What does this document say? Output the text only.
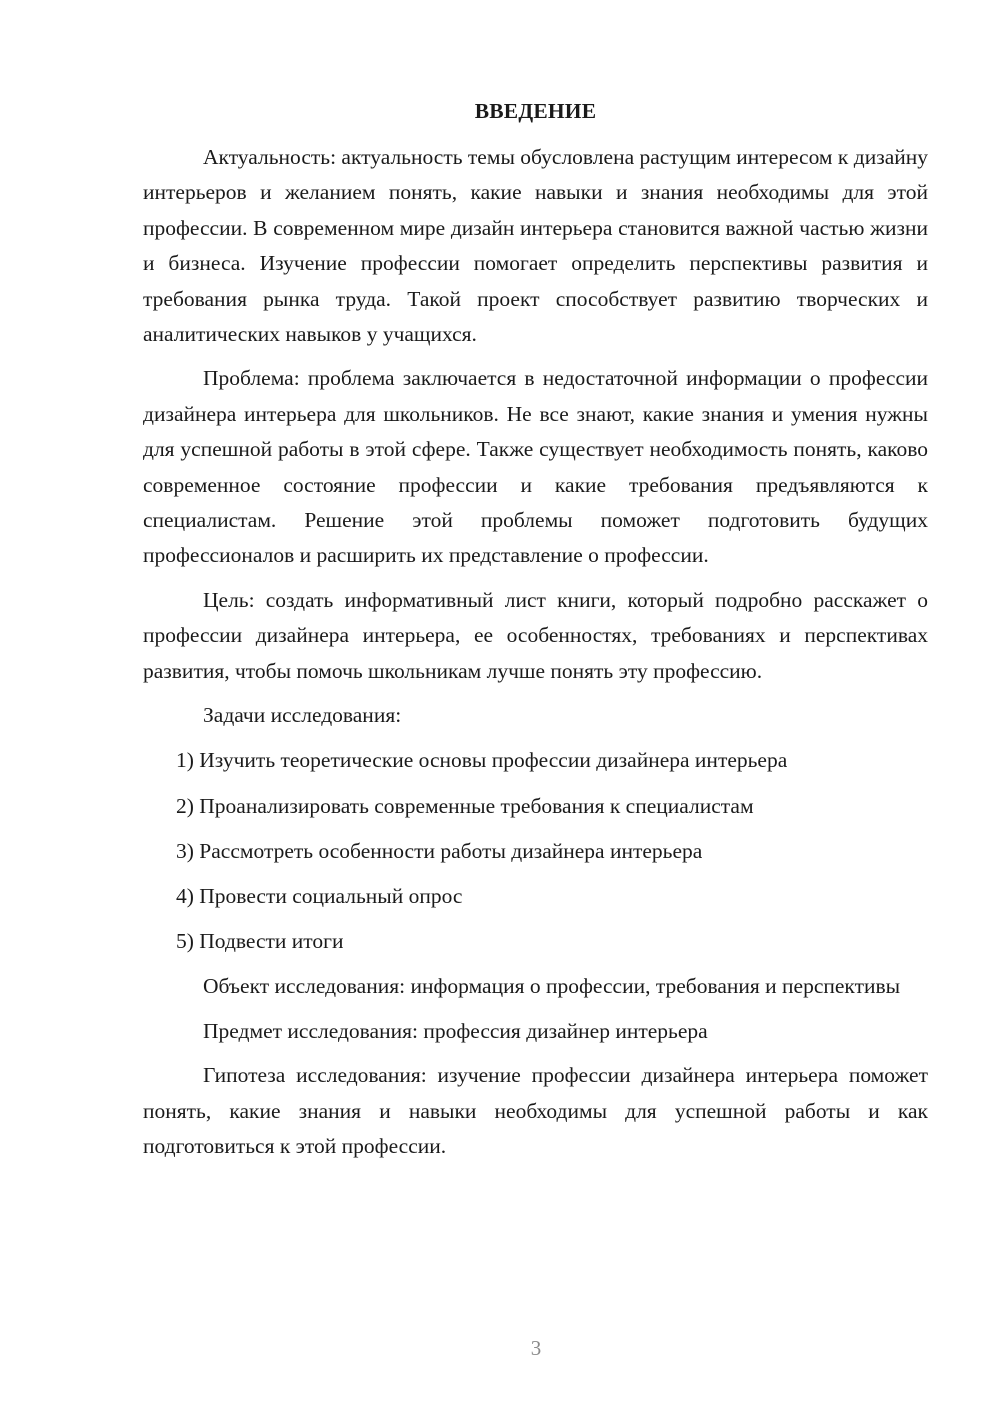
ВВЕДЕНИЕ

Актуальность: актуальность темы обусловлена растущим интересом к дизайну интерьеров и желанием понять, какие навыки и знания необходимы для этой профессии. В современном мире дизайн интерьера становится важной частью жизни и бизнеса. Изучение профессии помогает определить перспективы развития и требования рынка труда. Такой проект способствует развитию творческих и аналитических навыков у учащихся.

Проблема: проблема заключается в недостаточной информации о профессии дизайнера интерьера для школьников. Не все знают, какие знания и умения нужны для успешной работы в этой сфере. Также существует необходимость понять, каково современное состояние профессии и какие требования предъявляются к специалистам. Решение этой проблемы поможет подготовить будущих профессионалов и расширить их представление о профессии.

Цель: создать информативный лист книги, который подробно расскажет о профессии дизайнера интерьера, ее особенностях, требованиях и перспективах развития, чтобы помочь школьникам лучше понять эту профессию.

Задачи исследования:

1) Изучить теоретические основы профессии дизайнера интерьера

2) Проанализировать современные требования к специалистам

3) Рассмотреть особенности работы дизайнера интерьера

4) Провести социальный опрос

5) Подвести итоги

Объект исследования: информация о профессии, требования и перспективы

Предмет исследования: профессия дизайнер интерьера

Гипотеза исследования: изучение профессии дизайнера интерьера поможет понять, какие знания и навыки необходимы для успешной работы и как подготовиться к этой профессии.

3
